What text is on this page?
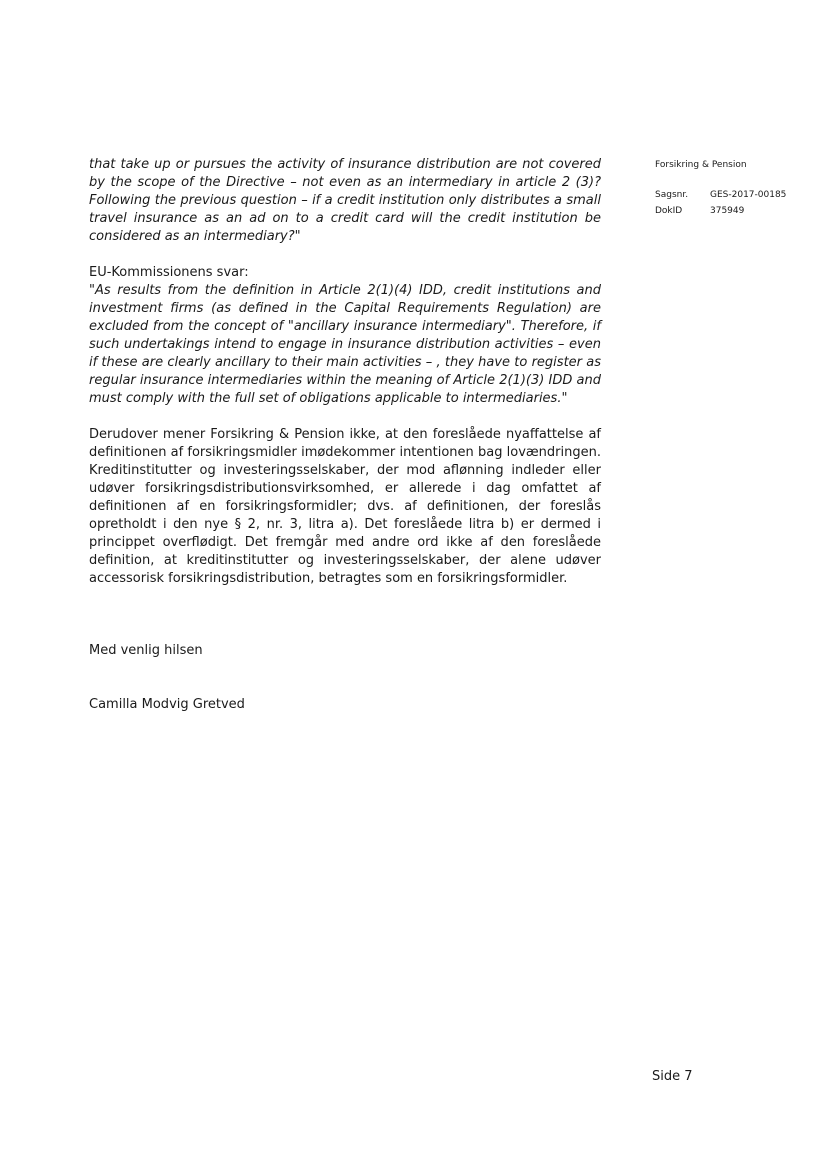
that take up or pursues the activity of insurance distribution are not covered by the scope of the Directive – not even as an intermediary in article 2 (3)? Following the previous question – if a credit institution only distributes a small travel insurance as an ad on to a credit card will the credit institution be considered as an intermediary?"

EU-Kommissionens svar:

"As results from the definition in Article 2(1)(4) IDD, credit institutions and investment firms (as defined in the Capital Requirements Regulation) are excluded from the concept of "ancillary insurance intermediary". Therefore, if such undertakings intend to engage in insurance distribution activities – even if these are clearly ancillary to their main activities – , they have to register as regular insurance intermediaries within the meaning of Article 2(1)(3) IDD and must comply with the full set of obligations applicable to intermediaries."

Derudover mener Forsikring & Pension ikke, at den foreslåede nyaffattelse af definitionen af forsikringsmidler imødekommer intentionen bag lovændringen. Kreditinstitutter og investeringsselskaber, der mod aflønning indleder eller udøver forsikringsdistributionsvirksomhed, er allerede i dag omfattet af definitionen af en forsikringsformidler; dvs. af definitionen, der foreslås opretholdt i den nye § 2, nr. 3, litra a). Det foreslåede litra b) er dermed i princippet overflødigt. Det fremgår med andre ord ikke af den foreslåede definition, at kreditinstitutter og investeringsselskaber, der alene udøver accessorisk forsikringsdistribution, betragtes som en forsikringsformidler.

Med venlig hilsen

Camilla Modvig Gretved

Forsikring & Pension
Sagsnr.	GES-2017-00185
DokID	375949
Side 7
